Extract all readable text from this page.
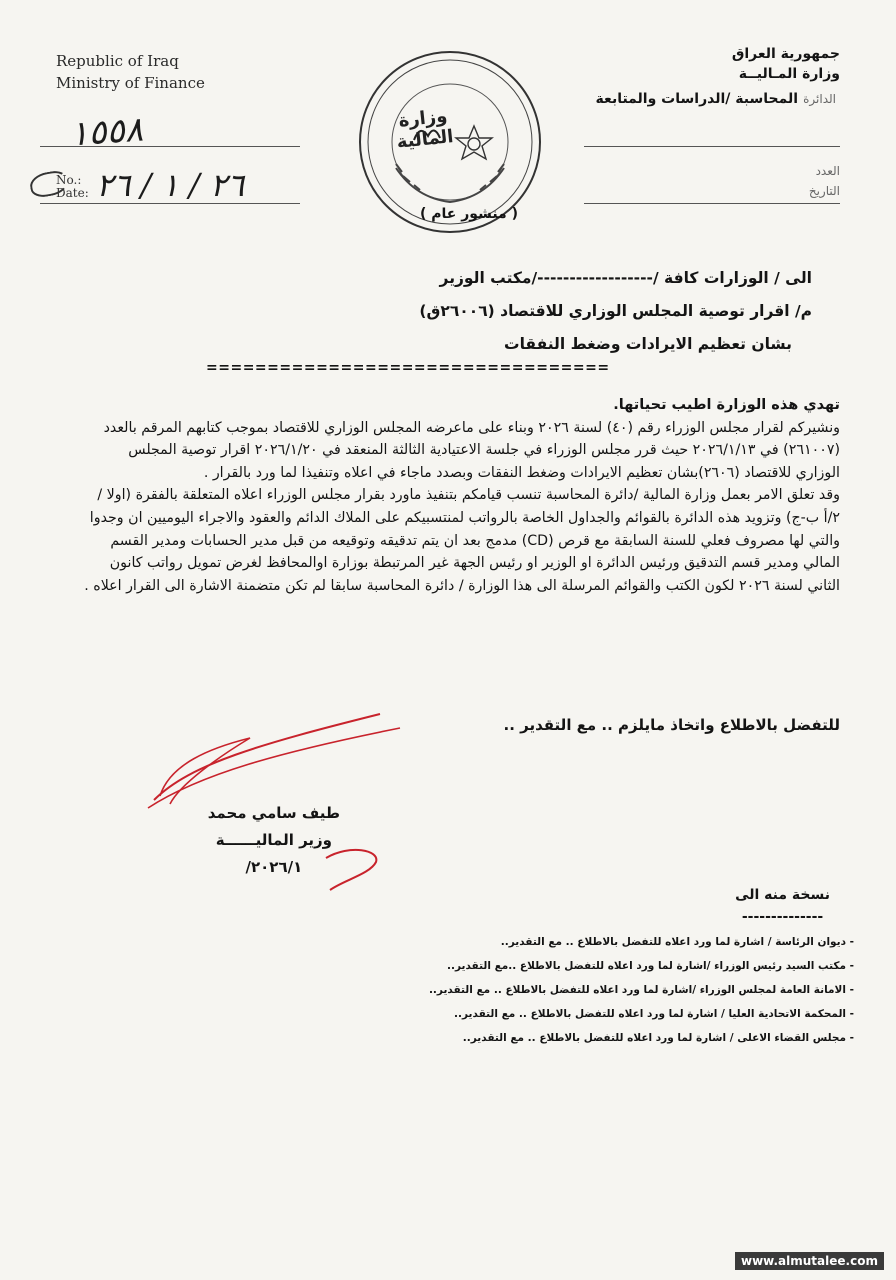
Republic of Iraq
Ministry of Finance
١٥٥٨
No.:
Date: ٢٦ / ١ / ٢٦
وزارة المالية
( منشور عام )
جمهورية العراق
وزارة المـاليــة
الدائرة المحاسبة /الدراسات والمتابعة
العدد
التاريخ
الى / الوزارات كافة /------------------/مكتب الوزير
م/ اقرار توصية المجلس الوزاري للاقتصاد (٢٦٠٠٦ق)
بشان تعظيم الايرادات وضغط النفقات
=================================

تهدي هذه الوزارة اطيب تحياتها.

ونشيركم لقرار مجلس الوزراء رقم (٤٠) لسنة ٢٠٢٦ وبناء على ماعرضه المجلس الوزاري للاقتصاد بموجب كتابهم المرقم بالعدد (٢٦١٠٠٧) في ٢٠٢٦/١/١٣ حيث قرر مجلس الوزراء في جلسة الاعتيادية الثالثة المنعقد في ٢٠٢٦/١/٢٠ اقرار توصية المجلس الوزاري للاقتصاد (٢٦٠٦)بشان تعظيم الايرادات وضغط النفقات وبصدد ماجاء في اعلاه وتنفيذا لما ورد بالقرار .

وقد تعلق الامر بعمل وزارة المالية /دائرة المحاسبة تنسب قيامكم بتنفيذ ماورد بقرار مجلس الوزراء اعلاه المتعلقة بالفقرة (اولا / ٢/أ ب-ج) وتزويد هذه الدائرة بالقوائم والجداول الخاصة بالرواتب لمنتسبيكم على الملاك الدائم والعقود والاجراء اليوميين ان وجدوا والتي لها مصروف فعلي للسنة السابقة مع قرص (CD) مدمج بعد ان يتم تدقيقه وتوقيعه من قبل مدير الحسابات ومدير القسم المالي ومدير قسم التدقيق ورئيس الدائرة او الوزير او رئيس الجهة غير المرتبطة بوزارة اوالمحافظ لغرض تمويل رواتب كانون الثاني لسنة ٢٠٢٦ لكون الكتب والقوائم المرسلة الى هذا الوزارة / دائرة المحاسبة سابقا لم تكن متضمنة الاشارة الى القرار اعلاه .

للتفضل بالاطلاع واتخاذ مايلزم .. مع التقدير ..
طيف سامي محمد
وزير الماليــــــة
٢٠٢٦/١/
نسخة منه الى
--------------
- ديوان الرئاسة / اشارة لما ورد اعلاه للتفضل بالاطلاع .. مع التقدير..
- مكتب السيد رئيس الوزراء /اشارة لما ورد اعلاه للتفضل بالاطلاع ..مع التقدير..
- الامانة العامة لمجلس الوزراء /اشارة لما ورد اعلاه للتفضل بالاطلاع .. مع التقدير..
- المحكمة الاتحادية العليا / اشارة لما ورد اعلاه للتفضل بالاطلاع .. مع التقدير..
- مجلس القضاء الاعلى / اشارة لما ورد اعلاه للتفضل بالاطلاع .. مع التقدير..
www.almutalee.com
